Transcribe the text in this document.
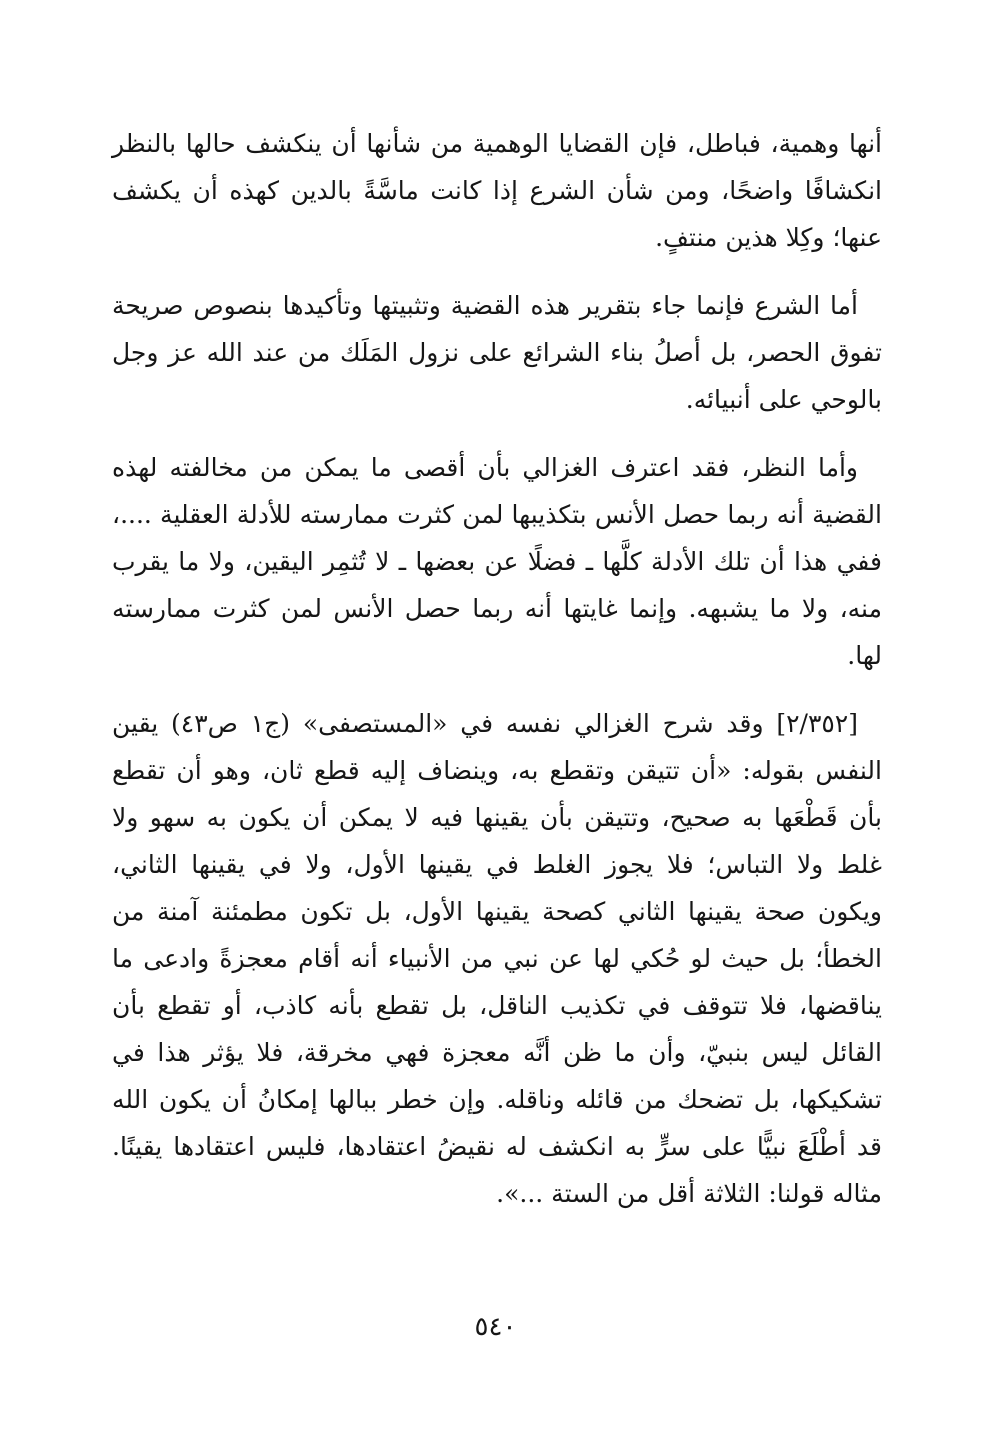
أنها وهمية، فباطل، فإن القضايا الوهمية من شأنها أن ينكشف حالها بالنظر انكشافًا واضحًا، ومن شأن الشرع إذا كانت ماسَّةً بالدين كهذه أن يكشف عنها؛ وكِلا هذين منتفٍ.

أما الشرع فإنما جاء بتقرير هذه القضية وتثبيتها وتأكيدها بنصوص صريحة تفوق الحصر، بل أصلُ بناء الشرائع على نزول المَلَك من عند الله عز وجل بالوحي على أنبيائه.

وأما النظر، فقد اعترف الغزالي بأن أقصى ما يمكن من مخالفته لهذه القضية أنه ربما حصل الأنس بتكذيبها لمن كثرت ممارسته للأدلة العقلية ....، ففي هذا أن تلك الأدلة كلَّها ـ فضلًا عن بعضها ـ لا تُثمِر اليقين، ولا ما يقرب منه، ولا ما يشبهه. وإنما غايتها أنه ربما حصل الأنس لمن كثرت ممارسته لها.

[٢/٣٥٢] وقد شرح الغزالي نفسه في «المستصفى» (ج١ ص٤٣) يقين النفس بقوله: «أن تتيقن وتقطع به، وينضاف إليه قطع ثان، وهو أن تقطع بأن قَطْعَها به صحيح، وتتيقن بأن يقينها فيه لا يمكن أن يكون به سهو ولا غلط ولا التباس؛ فلا يجوز الغلط في يقينها الأول، ولا في يقينها الثاني، ويكون صحة يقينها الثاني كصحة يقينها الأول، بل تكون مطمئنة آمنة من الخطأ؛ بل حيث لو حُكي لها عن نبي من الأنبياء أنه أقام معجزةً وادعى ما يناقضها، فلا تتوقف في تكذيب الناقل، بل تقطع بأنه كاذب، أو تقطع بأن القائل ليس بنبيّ، وأن ما ظن أنَّه معجزة فهي مخرقة، فلا يؤثر هذا في تشكيكها، بل تضحك من قائله وناقله. وإن خطر ببالها إمكانُ أن يكون الله قد أطْلَعَ نبيًّا على سرٍّ به انكشف له نقيضُ اعتقادها، فليس اعتقادها يقينًا. مثاله قولنا: الثلاثة أقل من الستة ...».

٥٤٠
